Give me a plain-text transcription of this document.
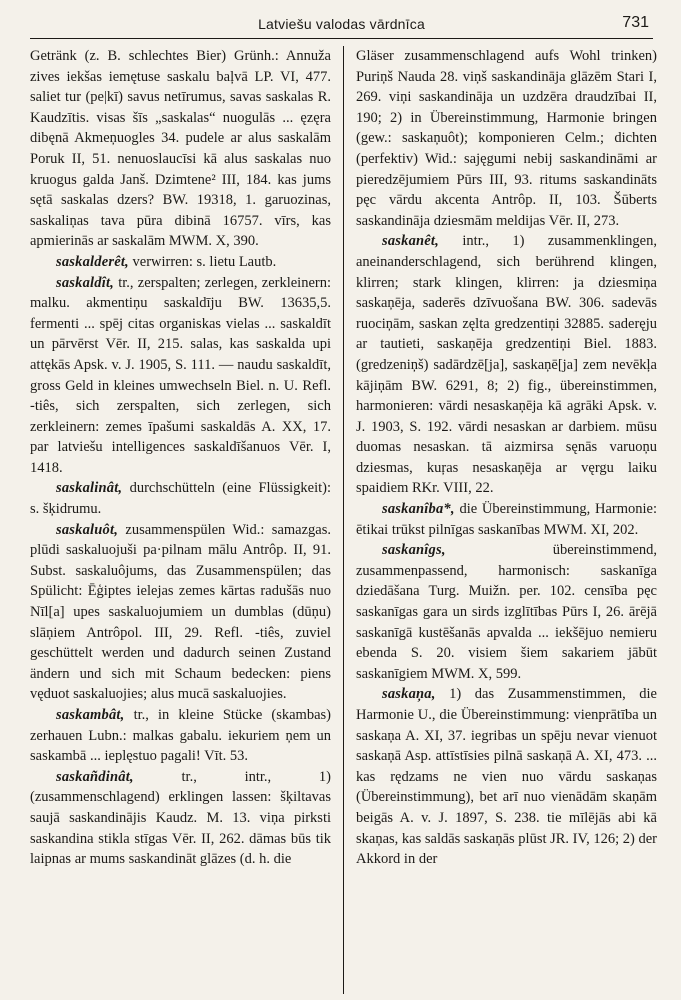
Latviešu valodas vārdnīca	731

Getränk (z. B. schlechtes Bier) Grünh.: Annuža zives iekšas iemętuse saskalu baļvā LP. VI, 477. saliet tur (pe|kī) savus netīrumus, savas saskalas R. Kaudzītis. visas šīs „saskalas“ nuogulās ... ęzęra dibęnā Akmeņuogles 34. pudele ar alus saskalām Poruk II, 51. nenuoslaucīsi kā alus saskalas nuo kruogus galda Janš. Dzimtene² III, 184. kas jums sętā saskalas dzers? BW. 19318, 1. garuozinas, saskaliņas tava pūra dibinā 16757. vīrs, kas apmierinās ar saskalām MWM. X, 390.

saskalderêt, verwirren: s. lietu Lautb.

saskaldît, tr., zerspalten; zerlegen, zerkleinern: malku. akmentiņu saskaldīju BW. 13635,5. fermenti ... spēj citas organiskas vielas ... saskaldīt un pārvērst Vēr. II, 215. salas, kas saskalda upi attękās Apsk. v. J. 1905, S. 111. — naudu saskaldīt, gross Geld in kleines umwechseln Biel. n. U. Refl. -tiês, sich zerspalten, sich zerlegen, sich zerkleinern: zemes īpašumi saskaldās A. XX, 17. par latviešu intelligences saskaldīšanuos Vēr. I, 1418.

saskalinât, durchschütteln (eine Flüssigkeit): s. šķidrumu.

saskaluôt, zusammenspülen Wid.: samazgas. plūdi saskaluojuši pa·pilnam mālu Antrôp. II, 91. Subst. saskaluôjums, das Zusammenspülen; das Spülicht: Ēģiptes ielejas zemes kārtas radušās nuo Nīl[a] upes saskaluojumiem un dumblas (dūņu) slāņiem Antrôpol. III, 29. Refl. -tiês, zuviel geschüttelt werden und dadurch seinen Zustand ändern und sich mit Schaum bedecken: piens vęduot saskaluojies; alus mucā saskaluojies.

saskambât, tr., in kleine Stücke (skambas) zerhauen Lubn.: malkas gabalu. iekuriem ņem un saskambā ... ieplęstuo pagali! Vīt. 53.

saskañdinât,	tr., intr., 1) (zusammenschlagend) erklingen lassen: šķiltavas saujā saskandinājis Kaudz. M. 13. viņa pirksti saskandina stikla stīgas Vēr. II, 262. dāmas būs tik laipnas ar mums saskandināt glāzes (d. h. die

Gläser zusammenschlagend aufs Wohl trinken) Puriņš Nauda 28. viņš saskandināja glāzēm Stari I, 269. viņi saskandināja un uzdzēra draudzībai II, 190; 2) in Übereinstimmung, Harmonie bringen (gew.: saskaņuôt); komponieren Celm.; dichten (perfektiv) Wid.: sajęgumi nebij saskandināmi ar pieredzējumiem Pūrs III, 93. ritums saskandināts pęc vārdu akcenta Antrôp. II, 103. Šūberts saskandināja dziesmām meldijas Vēr. II, 273.

saskanêt, intr., 1) zusammenklingen, aneinanderschlagend, sich berührend klingen, klirren; stark klingen, klirren: ja dziesmiņa saskaņēja, saderēs dzīvuošana BW. 306. sadevās ruociņām, saskan zęlta gredzentiņi 32885. saderęju ar tautieti, saskaņēja gredzentiņi Biel. 1883. (gredzeniņš) sadārdzē[ja], saskaņē[ja] zem nevēkļa kājiņām BW. 6291, 8; 2) fig., übereinstimmen, harmonieren: vārdi nesaskaņēja kā agrāki Apsk. v. J. 1903, S. 192. vārdi nesaskan ar darbiem. mūsu duomas nesaskan. tā aizmirsa sęnās varuoņu dziesmas, kuŗas nesaskaņēja ar vęrgu laiku spaidiem RKr. VIII, 22.

saskanîba*, die Übereinstimmung, Harmonie: ētikai trūkst pilnīgas saskanības MWM. XI, 202.

saskanîgs,	übereinstimmend, zusammenpassend, harmonisch: saskanīga dziedāšana Turg. Muižn. per. 102. censība pęc saskanīgas gara un sirds izglītības Pūrs I, 26. ārējā saskanīgā kustēšanās apvalda ... iekšējuo nemieru ebenda S. 20. visiem šiem sakariem jābūt saskanīgiem MWM. X, 599.

saskaņa, 1) das Zusammenstimmen, die Harmonie U., die Übereinstimmung: vienprātība un saskaņa A. XI, 37. iegribas un spēju nevar vienuot saskaņā Asp. attīstīsies pilnā saskaņā A. XI, 473. ... kas rędzams ne vien nuo vārdu saskaņas (Übereinstimmung), bet arī nuo vienādām skaņām beigās A. v. J. 1897, S. 238. tie mīlējās abi kā skaņas, kas saldās saskaņās plūst JR. IV, 126; 2) der Akkord in der
